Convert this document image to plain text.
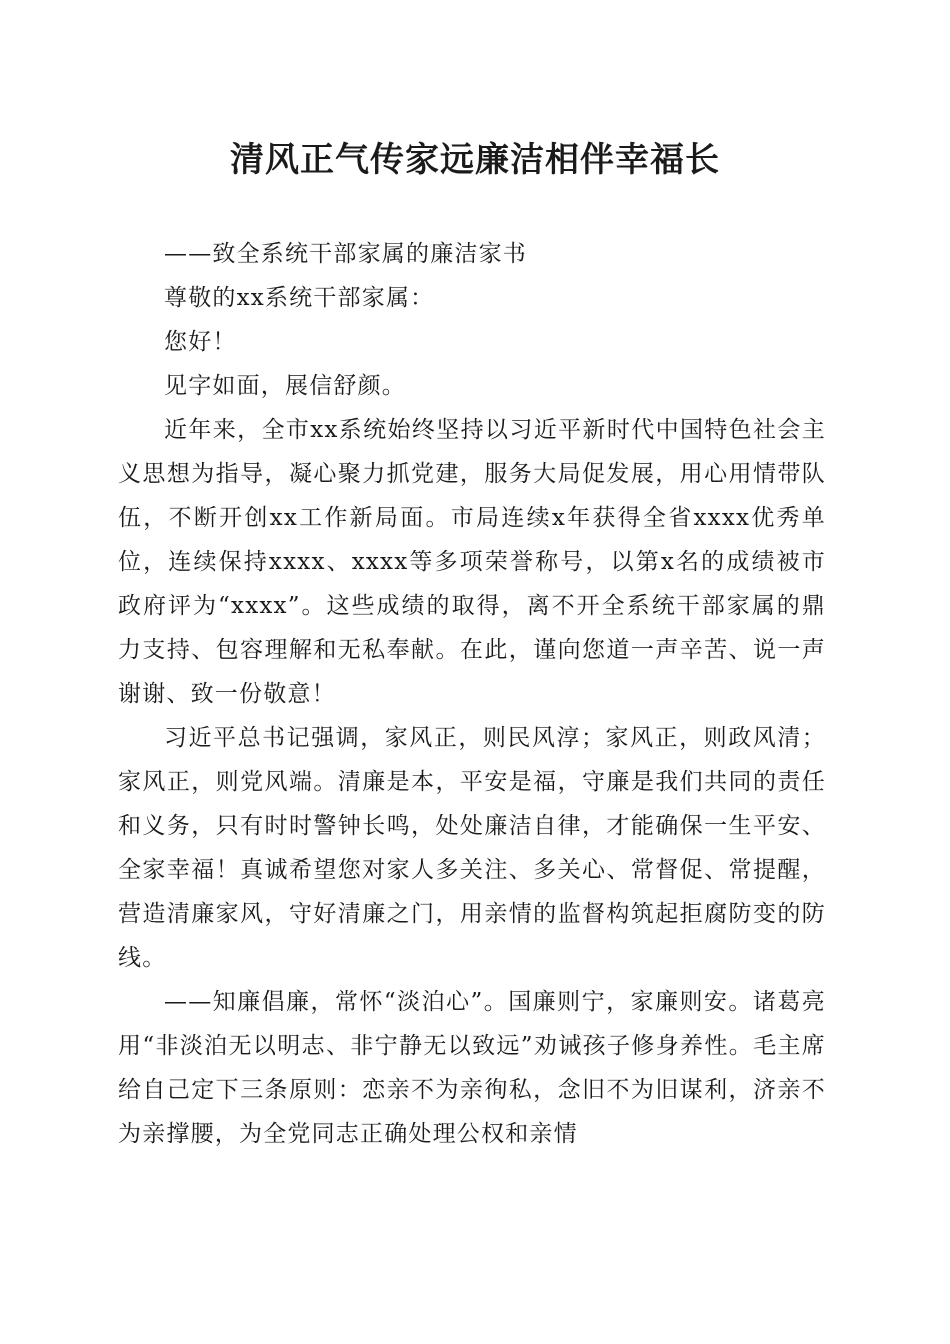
清风正气传家远廉洁相伴幸福长

——致全系统干部家属的廉洁家书

尊敬的xx系统干部家属：

您好！

见字如面，展信舒颜。

近年来，全市xx系统始终坚持以习近平新时代中国特色社会主义思想为指导，凝心聚力抓党建，服务大局促发展，用心用情带队伍，不断开创xx工作新局面。市局连续x年获得全省xxxx优秀单位，连续保持xxxx、xxxx等多项荣誉称号，以第x名的成绩被市政府评为“xxxx”。这些成绩的取得，离不开全系统干部家属的鼎力支持、包容理解和无私奉献。在此，谨向您道一声辛苦、说一声谢谢、致一份敬意！

习近平总书记强调，家风正，则民风淳；家风正，则政风清；家风正，则党风端。清廉是本，平安是福，守廉是我们共同的责任和义务，只有时时警钟长鸣，处处廉洁自律，才能确保一生平安、全家幸福！真诚希望您对家人多关注、多关心、常督促、常提醒，营造清廉家风，守好清廉之门，用亲情的监督构筑起拒腐防变的防线。

——知廉倡廉，常怀“淡泊心”。国廉则宁，家廉则安。诸葛亮用“非淡泊无以明志、非宁静无以致远”劝诫孩子修身养性。毛主席给自己定下三条原则：恋亲不为亲徇私，念旧不为旧谋利，济亲不为亲撑腰，为全党同志正确处理公权和亲情
